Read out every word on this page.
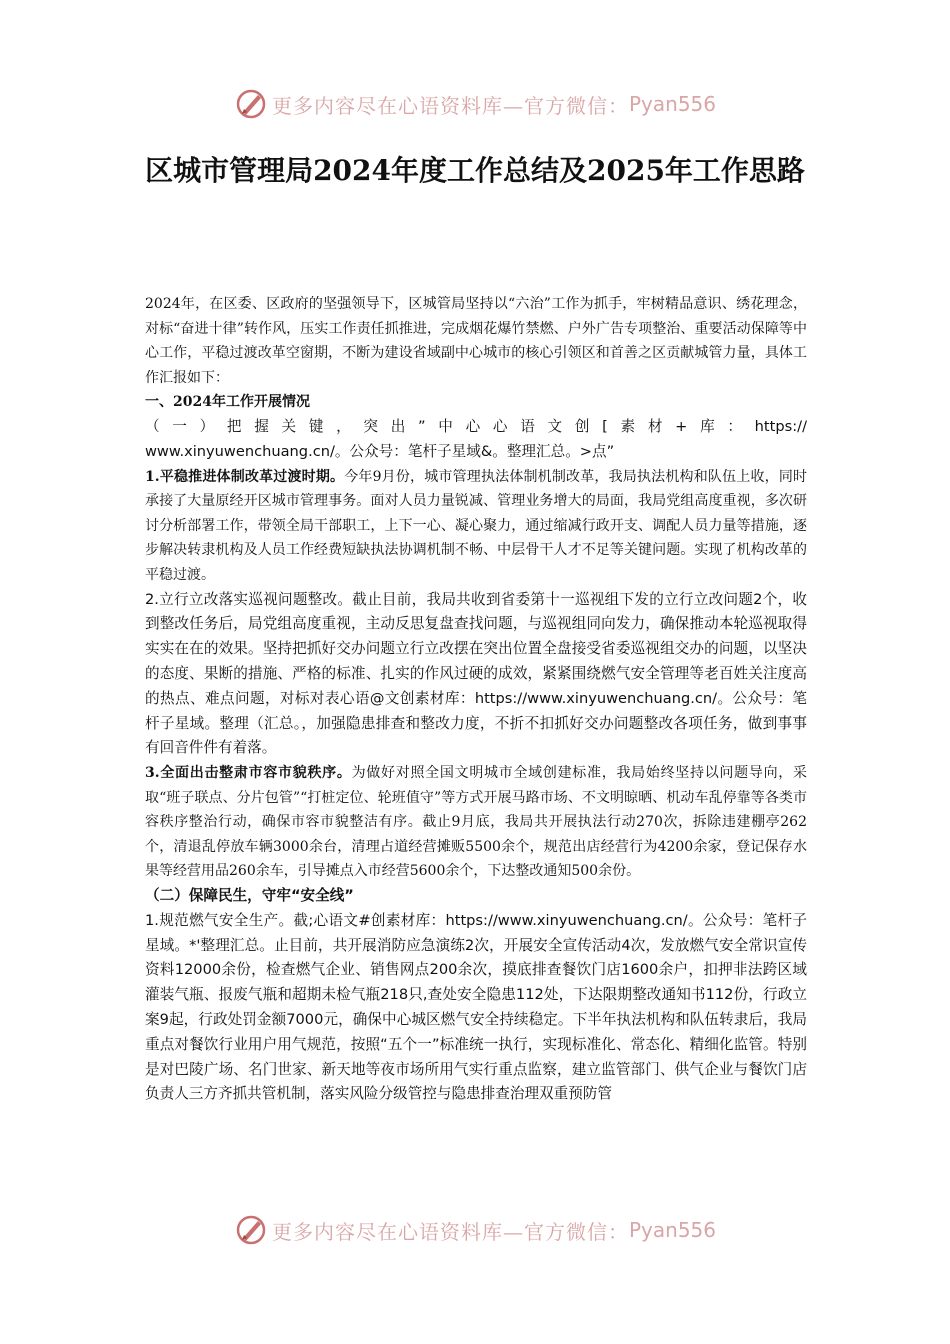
更多内容尽在心语资料库—官方微信： Pyan556
区城市管理局2024年度工作总结及2025年工作思路

2024年，在区委、区政府的坚强领导下，区城管局坚持以“六治”工作为抓手，牢树精品意识、绣花理念，对标“奋进十律”转作风，压实工作责任抓推进，完成烟花爆竹禁燃、户外广告专项整治、重要活动保障等中心工作，平稳过渡改革空窗期，不断为建设省域副中心城市的核心引领区和首善之区贡献城管力量，具体工作汇报如下：

一、2024年工作开展情况

（一）把握关键，突出”中心心语文创[素材+库：https://

www.xinyuwenchuang.cn/。公众号：笔杆子星域&。整理汇总。>点”

1.平稳推进体制改革过渡时期。今年9月份，城市管理执法体制机制改革，我局执法机构和队伍上收，同时承接了大量原经开区城市管理事务。面对人员力量锐减、管理业务增大的局面，我局党组高度重视，多次研讨分析部署工作，带领全局干部职工，上下一心、凝心聚力，通过缩减行政开支、调配人员力量等措施，逐步解决转隶机构及人员工作经费短缺执法协调机制不畅、中层骨干人才不足等关键问题。实现了机构改革的平稳过渡。

2.立行立改落实巡视问题整改。截止目前，我局共收到省委第十一巡视组下发的立行立改问题2个，收到整改任务后，局党组高度重视，主动反思复盘查找问题，与巡视组同向发力，确保推动本轮巡视取得实实在在的效果。坚持把抓好交办问题立行立改摆在突出位置全盘接受省委巡视组交办的问题，以坚决的态度、果断的措施、严格的标准、扎实的作风过硬的成效，紧紧围绕燃气安全管理等老百姓关注度高的热点、难点问题，对标对表心语@文创素材库：https://www.xinyuwenchuang.cn/。公众号：笔杆子星域。整理（汇总。，加强隐患排查和整改力度，不折不扣抓好交办问题整改各项任务，做到事事有回音件件有着落。

3.全面出击整肃市容市貌秩序。为做好对照全国文明城市全域创建标准，我局始终坚持以问题导向，采取“班子联点、分片包管”“打桩定位、轮班值守”等方式开展马路市场、不文明晾晒、机动车乱停靠等各类市容秩序整治行动，确保市容市貌整洁有序。截止9月底，我局共开展执法行动270次，拆除违建棚亭262个，清退乱停放车辆3000余台，清理占道经营摊贩5500余个，规范出店经营行为4200余家，登记保存水果等经营用品260余车，引导摊点入市经营5600余个，下达整改通知500余份。

（二）保障民生，守牢“安全线”

1.规范燃气安全生产。截;心语文#创素材库：https://www.xinyuwenchuang.cn/。公众号：笔杆子星域。*'整理汇总。止目前，共开展消防应急演练2次，开展安全宣传活动4次，发放燃气安全常识宣传资料12000余份，检查燃气企业、销售网点200余次，摸底排查餐饮门店1600余户，扣押非法跨区域灌装气瓶、报废气瓶和超期未检气瓶218只,查处安全隐患112处，下达限期整改通知书112份，行政立案9起，行政处罚金额7000元，确保中心城区燃气安全持续稳定。下半年执法机构和队伍转隶后，我局重点对餐饮行业用户用气规范，按照“五个一”标准统一执行，实现标准化、常态化、精细化监管。特别是对巴陵广场、名门世家、新天地等夜市场所用气实行重点监察，建立监管部门、供气企业与餐饮门店负责人三方齐抓共管机制，落实风险分级管控与隐患排查治理双重预防管

更多内容尽在心语资料库—官方微信： Pyan556
